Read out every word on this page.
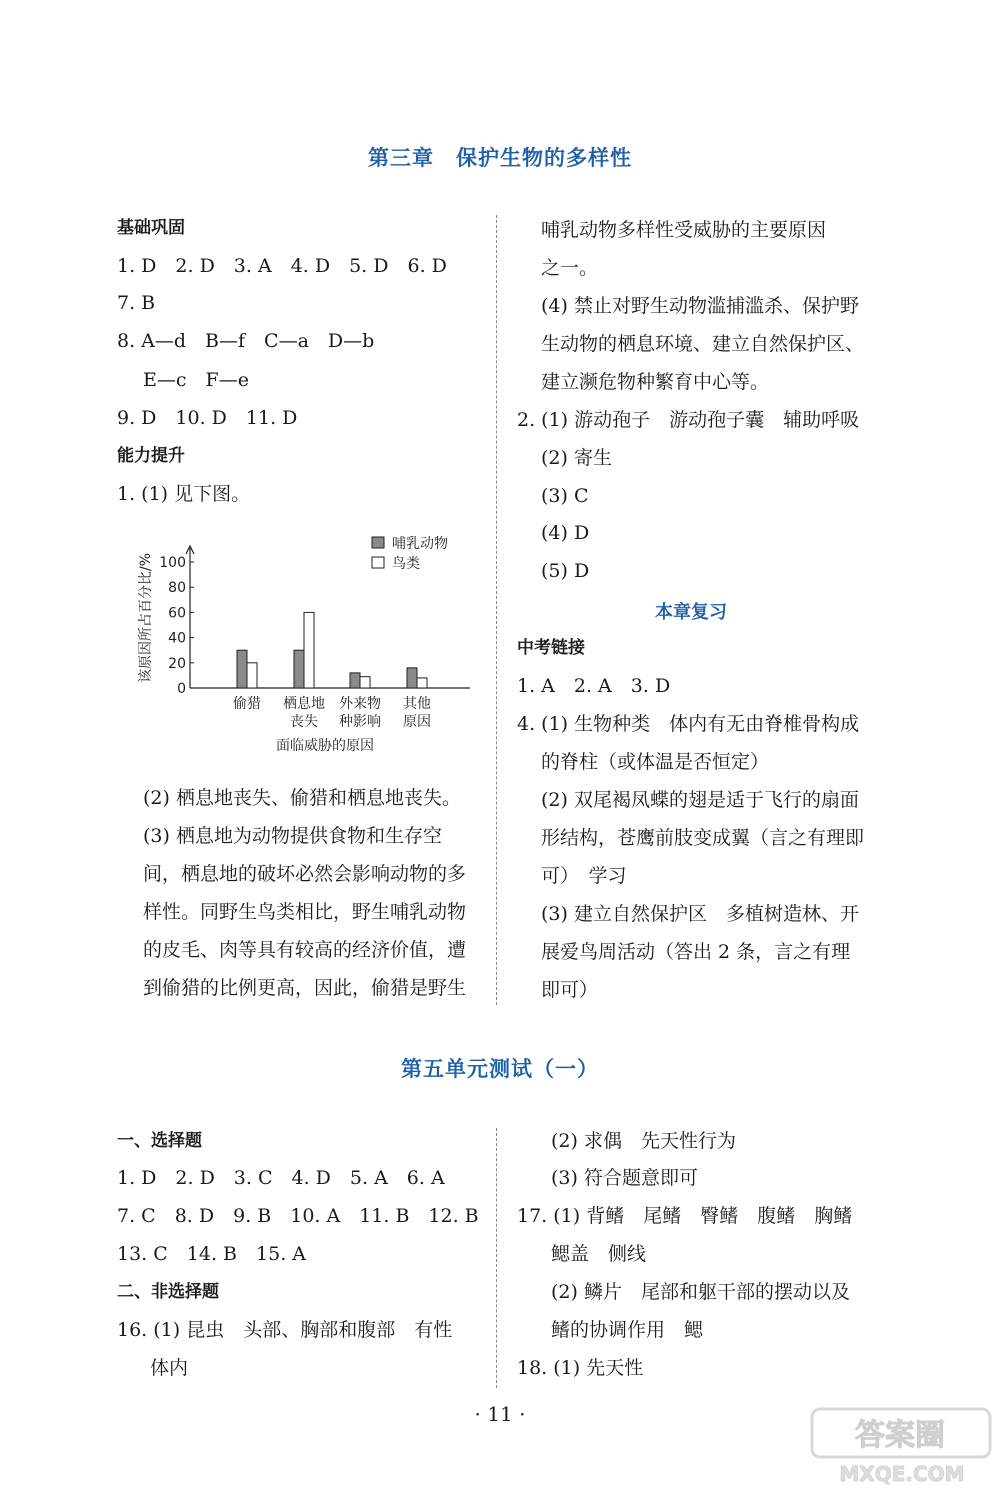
第三章　保护生物的多样性
基础巩固
1. D　2. D　3. A　4. D　5. D　6. D
7. B
8. A—d　B—f　C—a　D—b
E—c　F—e
9. D　10. D　11. D
能力提升
1. (1) 见下图。
0
20
40
60
80
100
该原因所占百分比/%
偷猎 栖息地
丧失
外来物
种影响
其他
原因
面临威胁的原因
哺乳动物
鸟类
(2) 栖息地丧失、偷猎和栖息地丧失。
(3) 栖息地为动物提供食物和生存空
间，栖息地的破坏必然会影响动物的多
样性。同野生鸟类相比，野生哺乳动物
的皮毛、肉等具有较高的经济价值，遭
到偷猎的比例更高，因此，偷猎是野生
哺乳动物多样性受威胁的主要原因
之一。
(4) 禁止对野生动物滥捕滥杀、保护野
生动物的栖息环境、建立自然保护区、
建立濒危物种繁育中心等。
2. (1) 游动孢子　游动孢子囊　辅助呼吸
(2) 寄生
(3) C
(4) D
(5) D
本章复习
中考链接
1. A　2. A　3. D
4. (1) 生物种类　体内有无由脊椎骨构成
的脊柱（或体温是否恒定）
(2) 双尾褐凤蝶的翅是适于飞行的扇面
形结构，苍鹰前肢变成翼（言之有理即
可）　学习
(3) 建立自然保护区　多植树造林、开
展爱鸟周活动（答出 2 条，言之有理
即可）
第五单元测试（一）
一、选择题
1. D　2. D　3. C　4. D　5. A　6. A
7. C　8. D　9. B　10. A　11. B　12. B
13. C　14. B　15. A
二、非选择题
16. (1) 昆虫　头部、胸部和腹部　有性
体内
(2) 求偶　先天性行为
(3) 符合题意即可
17. (1) 背鳍　尾鳍　臀鳍　腹鳍　胸鳍
鳃盖　侧线
(2) 鳞片　尾部和躯干部的摆动以及
鳍的协调作用　鳃
18. (1) 先天性
· 11 ·
答案圈
MXQE.COM
